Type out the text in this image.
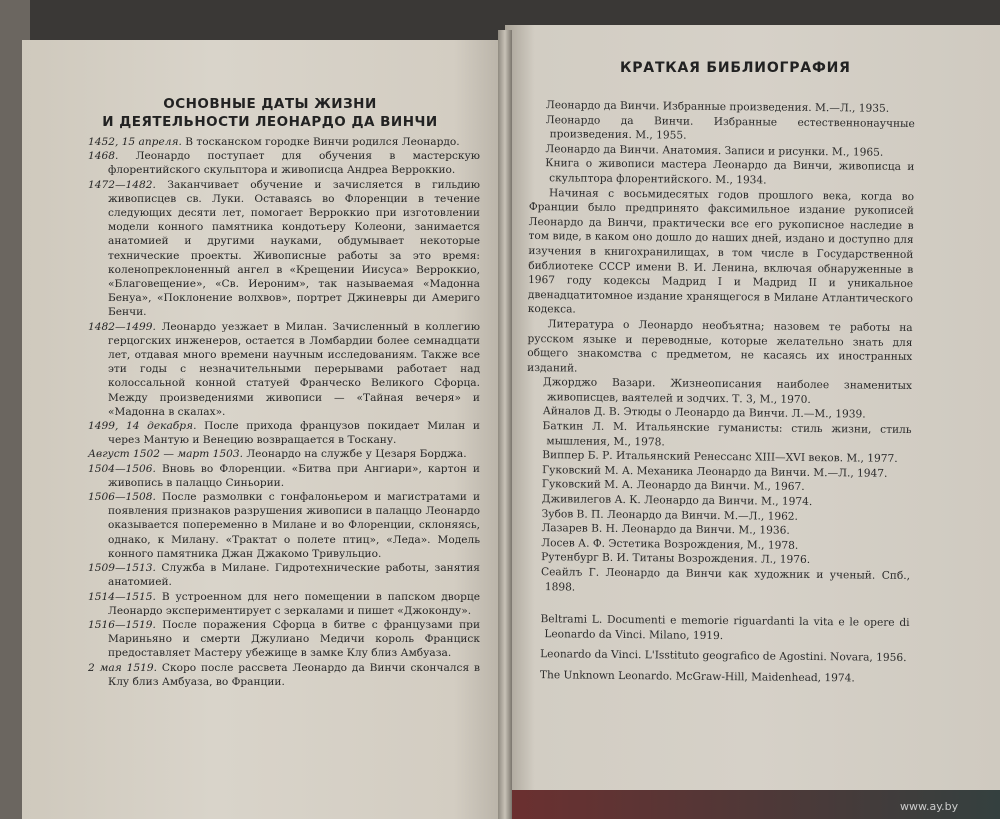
ОСНОВНЫЕ ДАТЫ ЖИЗНИ
И ДЕЯТЕЛЬНОСТИ ЛЕОНАРДО ДА ВИНЧИ

1452, 15 апреля. В тосканском городке Винчи родился Леонардо.

1468. Леонардо поступает для обучения в мастерскую флорентийского скульптора и живописца Андреа Верроккио.

1472—1482. Заканчивает обучение и зачисляется в гильдию живописцев св. Луки. Оставаясь во Флоренции в течение следующих десяти лет, помогает Верроккио при изготовлении модели конного памятника кондотьеру Колеони, занимается анатомией и другими науками, обдумывает некоторые технические проекты. Живописные работы за это время: коленопреклоненный ангел в «Крещении Иисуса» Верроккио, «Благовещение», «Св. Иероним», так называемая «Мадонна Бенуа», «Поклонение волхвов», портрет Джиневры ди Америго Бенчи.

1482—1499. Леонардо уезжает в Милан. Зачисленный в коллегию герцогских инженеров, остается в Ломбардии более семнадцати лет, отдавая много времени научным исследованиям. Также все эти годы с незначительными перерывами работает над колоссальной конной статуей Франческо Великого Сфорца. Между произведениями живописи — «Тайная вечеря» и «Мадонна в скалах».

1499, 14 декабря. После прихода французов покидает Милан и через Мантую и Венецию возвращается в Тоскану.

Август 1502 — март 1503. Леонардо на службе у Цезаря Борджа.

1504—1506. Вновь во Флоренции. «Битва при Ангиари», картон и живопись в палаццо Синьории.

1506—1508. После размолвки с гонфалоньером и магистратами и появления признаков разрушения живописи в палаццо Леонардо оказывается попеременно в Милане и во Флоренции, склоняясь, однако, к Милану. «Трактат о полете птиц», «Леда». Модель конного памятника Джан Джакомо Тривульцио.

1509—1513. Служба в Милане. Гидротехнические работы, занятия анатомией.

1514—1515. В устроенном для него помещении в папском дворце Леонардо экспериментирует с зеркалами и пишет «Джоконду».

1516—1519. После поражения Сфорца в битве с французами при Мариньяно и смерти Джулиано Медичи король Франциск предоставляет Мастеру убежище в замке Клу близ Амбуаза.

2 мая 1519. Скоро после рассвета Леонардо да Винчи скончался в Клу близ Амбуаза, во Франции.

КРАТКАЯ БИБЛИОГРАФИЯ

Леонардо да Винчи. Избранные произведения. М.—Л., 1935.

Леонардо да Винчи. Избранные естественнонаучные произведения. М., 1955.

Леонардо да Винчи. Анатомия. Записи и рисунки. М., 1965.

Книга о живописи мастера Леонардо да Винчи, живописца и скульптора флорентийского. М., 1934.

Начиная с восьмидесятых годов прошлого века, когда во Франции было предпринято факсимильное издание рукописей Леонардо да Винчи, практически все его рукописное наследие в том виде, в каком оно дошло до наших дней, издано и доступно для изучения в книгохранилищах, в том числе в Государственной библиотеке СССР имени В. И. Ленина, включая обнаруженные в 1967 году кодексы Мадрид I и Мадрид II и уникальное двенадцатитомное издание хранящегося в Милане Атлантического кодекса.

Литература о Леонардо необъятна; назовем те работы на русском языке и переводные, которые желательно знать для общего знакомства с предметом, не касаясь их иностранных изданий.

Джорджо Вазари. Жизнеописания наиболее знаменитых живописцев, ваятелей и зодчих. Т. 3, М., 1970.

Айналов Д. В. Этюды о Леонардо да Винчи. Л.—М., 1939.

Баткин Л. М. Итальянские гуманисты: стиль жизни, стиль мышления, М., 1978.

Виппер Б. Р. Итальянский Ренессанс XIII—XVI веков. М., 1977.

Гуковский М. А. Механика Леонардо да Винчи. М.—Л., 1947.

Гуковский М. А. Леонардо да Винчи. М., 1967.

Дживилегов А. К. Леонардо да Винчи. М., 1974.

Зубов В. П. Леонардо да Винчи. М.—Л., 1962.

Лазарев В. Н. Леонардо да Винчи. М., 1936.

Лосев А. Ф. Эстетика Возрождения, М., 1978.

Рутенбург В. И. Титаны Возрождения. Л., 1976.

Сеайлъ Г. Леонардо да Винчи как художник и ученый. Спб., 1898.

Beltrami L. Documenti e memorie riguardanti la vita e le opere di Leonardo da Vinci. Milano, 1919.

Leonardo da Vinci. L'Isstituto geografico de Agostini. Novara, 1956.

The Unknown Leonardo. McGraw-Hill, Maidenhead, 1974.

www.ay.by
